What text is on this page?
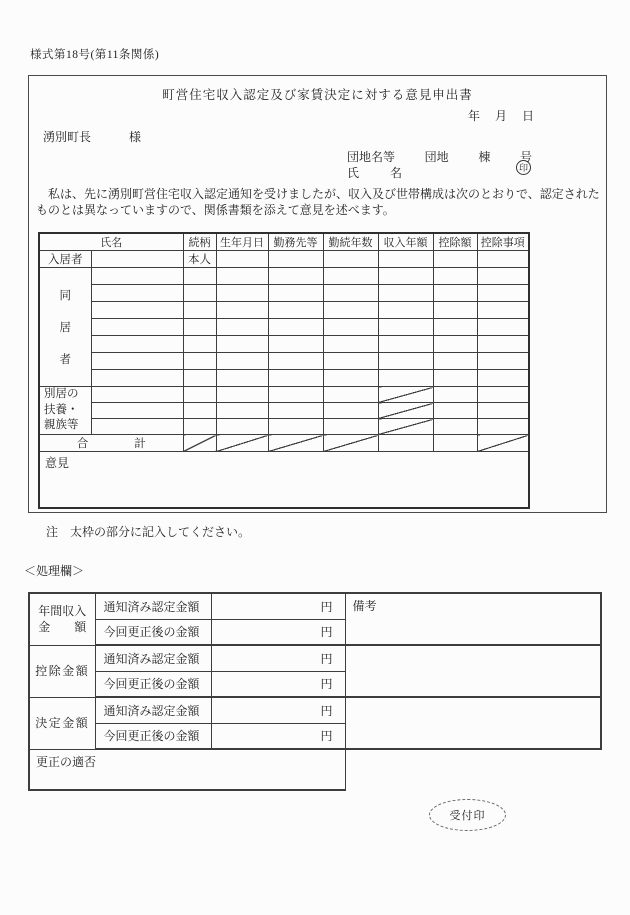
様式第18号(第11条関係)
町営住宅収入認定及び家賃決定に対する意見申出書
年 月 日
湧別町長	様
団地名等 団地 棟 号
氏	名	印
　私は、先に湧別町営住宅収入認定通知を受けましたが、収入及び世帯構成は次のとおりで、認定された
ものとは異なっていますので、関係書類を添えて意見を述べます。
氏名		続柄	生年月日	勤務先等	勤続年数	収入年額	控除額	控除事項
入居者		本人						

同
居
者								

別居の
扶養・
親族等								

合 計								

意見								
注　太枠の部分に記入してください。
＜処理欄＞
年間収入
金　　額	通知済み認定金額	円	備考
	今回更正後の金額	円	

控除金額	通知済み認定金額	円	
	今回更正後の金額	円	

決定金額	通知済み認定金額	円	
	今回更正後の金額	円	
更正の適否			
受付印
